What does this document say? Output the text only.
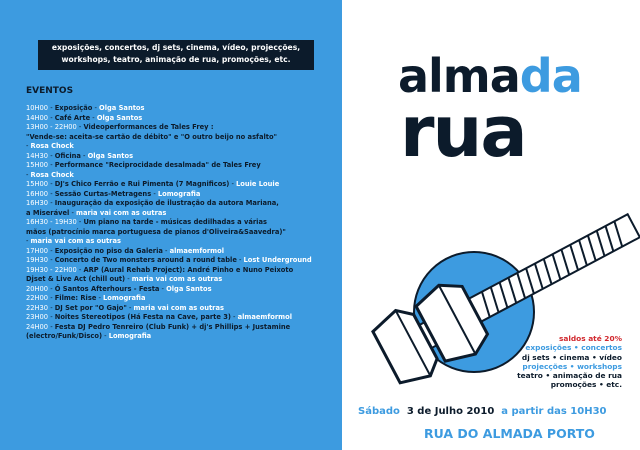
exposições, concertos, dj sets, cinema, vídeo, projecções,
workshops, teatro, animação de rua, promoções, etc.
EVENTOS
10H00 - Exposição - Olga Santos
14H00 - Café Arte - Olga Santos
13H00 - 22H00 - Videoperformances de Tales Frey :
"Vende-se: aceita-se cartão de débito" e "O outro beijo no asfalto"
- Rosa Chock
14H30 - Oficina - Olga Santos
15H00 - Performance "Reciprocidade desalmada" de Tales Frey
- Rosa Chock
15H00 - DJ's Chico Ferrão e Rui Pimenta (7 Magnificos) - Louie Louie
16H00 - Sessão Curtas-Metragens - Lomografia
16H30 - Inauguração da exposição de ilustração da autora Mariana,
a Miserável - maria vai com as outras
16H30 - 19H30 - Um piano na tarde - músicas dedilhadas a várias
mãos (patrocínio marca portuguesa de pianos d'Oliveira&Saavedra)"
- maria vai com as outras
17H00 - Exposição no piso da Galeria - almaemformol
19H30 - Concerto de Two monsters around a round table - Lost Underground
19H30 - 22H00 - ARP (Aural Rehab Project): André Pinho e Nuno Peixoto
Djset & Live Act (chill out) - maria vai com as outras
20H00 - Ó Santos Afterhours - Festa - Olga Santos
22H00 - Filme: Rise - Lomografia
22H30 - DJ Set por "O Gajo" - maria vai com as outras
23H00 - Noites Stereotipos (Há Festa na Cave, parte 3) - almaemformol
24H00 - Festa DJ Pedro Tenreiro (Club Funk) + dj's Phillips + Justamine
(electro/Funk/Disco) - Lomografia
almada
rua
saldos até 20%
exposições • concertos
dj sets • cinema • vídeo
projecções • workshops
teatro • animação de rua
promoções • etc.
Sábado 3 de Julho 2010 a partir das 10H30
RUA DO ALMADA PORTO
